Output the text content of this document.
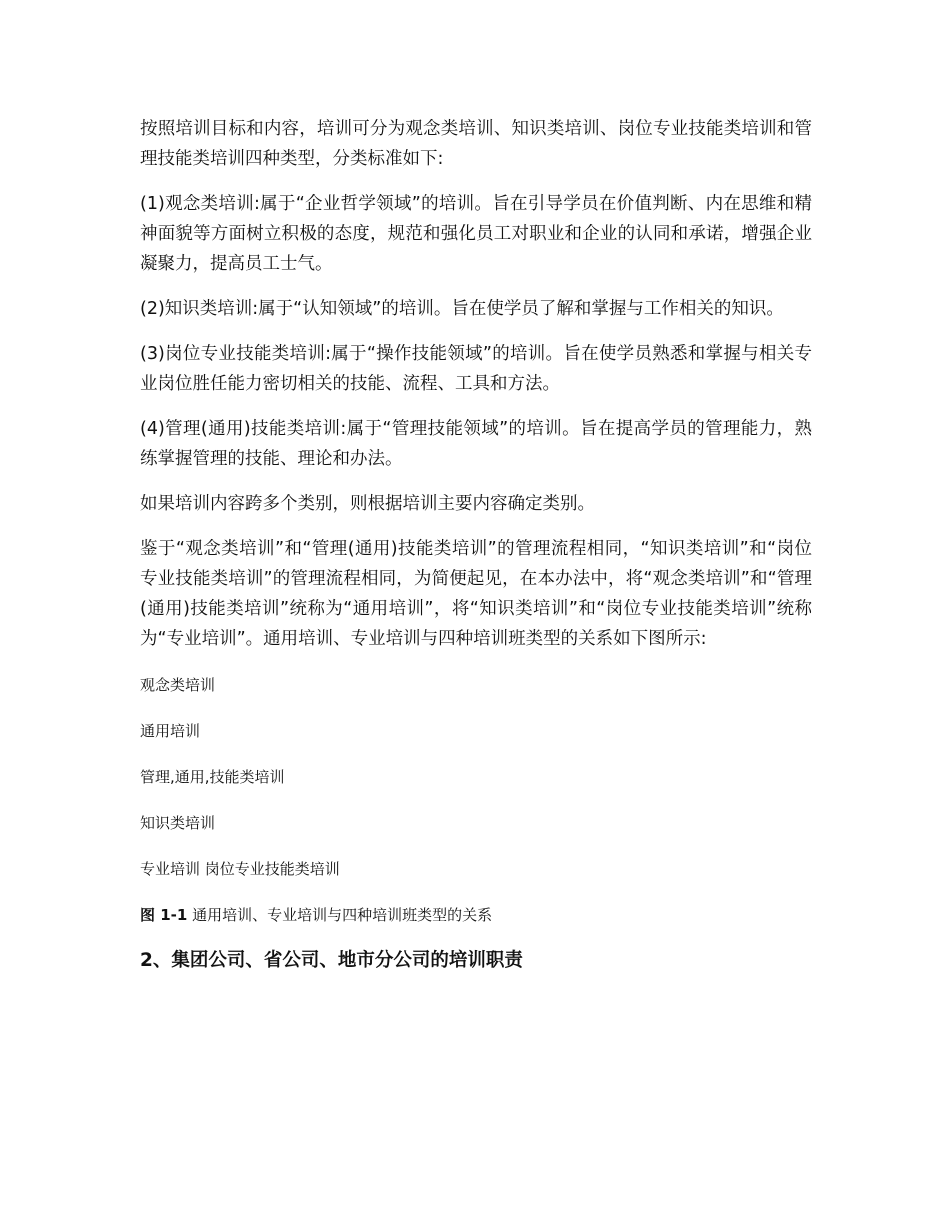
按照培训目标和内容，培训可分为观念类培训、知识类培训、岗位专业技能类培训和管理技能类培训四种类型，分类标准如下:

(1)观念类培训:属于“企业哲学领域”的培训。旨在引导学员在价值判断、内在思维和精神面貌等方面树立积极的态度，规范和强化员工对职业和企业的认同和承诺，增强企业凝聚力，提高员工士气。

(2)知识类培训:属于“认知领域”的培训。旨在使学员了解和掌握与工作相关的知识。

(3)岗位专业技能类培训:属于“操作技能领域”的培训。旨在使学员熟悉和掌握与相关专业岗位胜任能力密切相关的技能、流程、工具和方法。

(4)管理(通用)技能类培训:属于“管理技能领域”的培训。旨在提高学员的管理能力，熟练掌握管理的技能、理论和办法。

如果培训内容跨多个类别，则根据培训主要内容确定类别。

鉴于“观念类培训”和“管理(通用)技能类培训”的管理流程相同，“知识类培训”和“岗位专业技能类培训”的管理流程相同，为简便起见，在本办法中，将“观念类培训”和“管理(通用)技能类培训”统称为“通用培训”，将“知识类培训”和“岗位专业技能类培训”统称为“专业培训”。通用培训、专业培训与四种培训班类型的关系如下图所示:

观念类培训

通用培训

管理,通用,技能类培训

知识类培训

专业培训 岗位专业技能类培训

图 1-1 通用培训、专业培训与四种培训班类型的关系

2、集团公司、省公司、地市分公司的培训职责
